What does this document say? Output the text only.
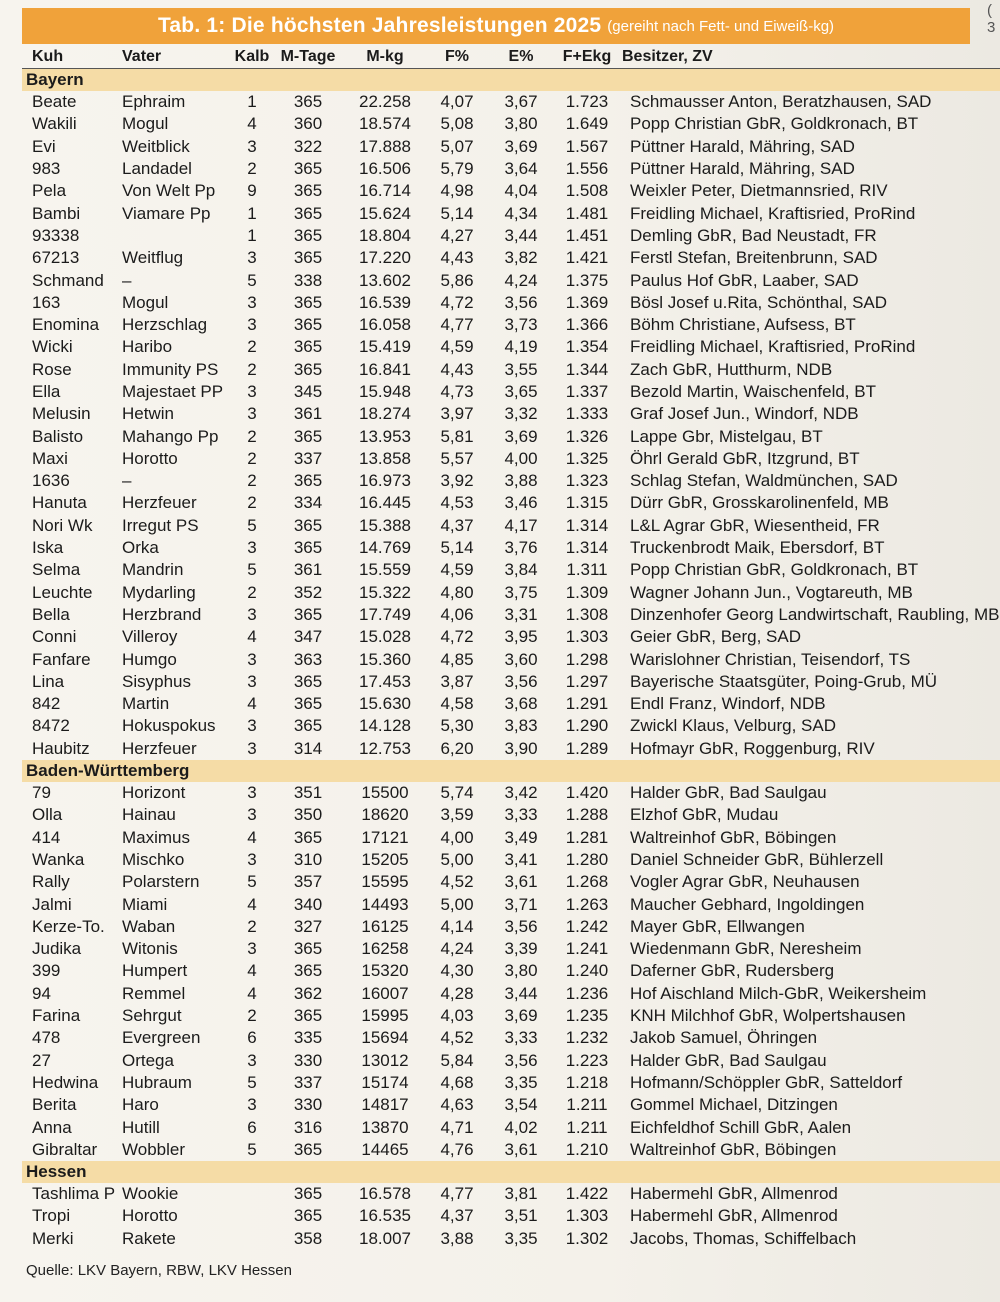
Tab. 1: Die höchsten Jahresleistungen 2025 (gereiht nach Fett- und Eiweiß-kg)
(
3
Kuh	Vater	Kalb	M-Tage	M-kg	F%	E%	F+Ekg	Besitzer, ZV
Bayern								
Beate	Ephraim	1	365	22.258	4,07	3,67	1.723	Schmausser Anton, Beratzhausen, SAD
Wakili	Mogul	4	360	18.574	5,08	3,80	1.649	Popp Christian GbR, Goldkronach, BT
Evi	Weitblick	3	322	17.888	5,07	3,69	1.567	Püttner Harald, Mähring, SAD
983	Landadel	2	365	16.506	5,79	3,64	1.556	Püttner Harald, Mähring, SAD
Pela	Von Welt Pp	9	365	16.714	4,98	4,04	1.508	Weixler Peter, Dietmannsried, RIV
Bambi	Viamare Pp	1	365	15.624	5,14	4,34	1.481	Freidling Michael, Kraftisried, ProRind
93338		1	365	18.804	4,27	3,44	1.451	Demling GbR, Bad Neustadt, FR
67213	Weitflug	3	365	17.220	4,43	3,82	1.421	Ferstl Stefan, Breitenbrunn, SAD
Schmand	–	5	338	13.602	5,86	4,24	1.375	Paulus Hof GbR, Laaber, SAD
163	Mogul	3	365	16.539	4,72	3,56	1.369	Bösl Josef u.Rita, Schönthal, SAD
Enomina	Herzschlag	3	365	16.058	4,77	3,73	1.366	Böhm Christiane, Aufsess, BT
Wicki	Haribo	2	365	15.419	4,59	4,19	1.354	Freidling Michael, Kraftisried, ProRind
Rose	Immunity PS	2	365	16.841	4,43	3,55	1.344	Zach GbR, Hutthurm, NDB
Ella	Majestaet PP	3	345	15.948	4,73	3,65	1.337	Bezold Martin, Waischenfeld, BT
Melusin	Hetwin	3	361	18.274	3,97	3,32	1.333	Graf Josef Jun., Windorf, NDB
Balisto	Mahango Pp	2	365	13.953	5,81	3,69	1.326	Lappe Gbr, Mistelgau, BT
Maxi	Horotto	2	337	13.858	5,57	4,00	1.325	Öhrl Gerald GbR, Itzgrund, BT
1636	–	2	365	16.973	3,92	3,88	1.323	Schlag Stefan, Waldmünchen, SAD
Hanuta	Herzfeuer	2	334	16.445	4,53	3,46	1.315	Dürr GbR, Grosskarolinenfeld, MB
Nori Wk	Irregut PS	5	365	15.388	4,37	4,17	1.314	L&L Agrar GbR, Wiesentheid, FR
Iska	Orka	3	365	14.769	5,14	3,76	1.314	Truckenbrodt Maik, Ebersdorf, BT
Selma	Mandrin	5	361	15.559	4,59	3,84	1.311	Popp Christian GbR, Goldkronach, BT
Leuchte	Mydarling	2	352	15.322	4,80	3,75	1.309	Wagner Johann Jun., Vogtareuth, MB
Bella	Herzbrand	3	365	17.749	4,06	3,31	1.308	Dinzenhofer Georg Landwirtschaft, Raubling, MB
Conni	Villeroy	4	347	15.028	4,72	3,95	1.303	Geier GbR, Berg, SAD
Fanfare	Humgo	3	363	15.360	4,85	3,60	1.298	Warislohner Christian, Teisendorf, TS
Lina	Sisyphus	3	365	17.453	3,87	3,56	1.297	Bayerische Staatsgüter, Poing-Grub, MÜ
842	Martin	4	365	15.630	4,58	3,68	1.291	Endl Franz, Windorf, NDB
8472	Hokuspokus	3	365	14.128	5,30	3,83	1.290	Zwickl Klaus, Velburg, SAD
Haubitz	Herzfeuer	3	314	12.753	6,20	3,90	1.289	Hofmayr GbR, Roggenburg, RIV
Baden-Württemberg								
79	Horizont	3	351	15500	5,74	3,42	1.420	Halder GbR, Bad Saulgau
Olla	Hainau	3	350	18620	3,59	3,33	1.288	Elzhof GbR, Mudau
414	Maximus	4	365	17121	4,00	3,49	1.281	Waltreinhof GbR, Böbingen
Wanka	Mischko	3	310	15205	5,00	3,41	1.280	Daniel Schneider GbR, Bühlerzell
Rally	Polarstern	5	357	15595	4,52	3,61	1.268	Vogler Agrar GbR, Neuhausen
Jalmi	Miami	4	340	14493	5,00	3,71	1.263	Maucher Gebhard, Ingoldingen
Kerze-To.	Waban	2	327	16125	4,14	3,56	1.242	Mayer GbR, Ellwangen
Judika	Witonis	3	365	16258	4,24	3,39	1.241	Wiedenmann GbR, Neresheim
399	Humpert	4	365	15320	4,30	3,80	1.240	Daferner GbR, Rudersberg
94	Remmel	4	362	16007	4,28	3,44	1.236	Hof Aischland Milch-GbR, Weikersheim
Farina	Sehrgut	2	365	15995	4,03	3,69	1.235	KNH Milchhof GbR, Wolpertshausen
478	Evergreen	6	335	15694	4,52	3,33	1.232	Jakob Samuel, Öhringen
27	Ortega	3	330	13012	5,84	3,56	1.223	Halder GbR, Bad Saulgau
Hedwina	Hubraum	5	337	15174	4,68	3,35	1.218	Hofmann/Schöppler GbR, Satteldorf
Berita	Haro	3	330	14817	4,63	3,54	1.211	Gommel Michael, Ditzingen
Anna	Hutill	6	316	13870	4,71	4,02	1.211	Eichfeldhof Schill GbR, Aalen
Gibraltar	Wobbler	5	365	14465	4,76	3,61	1.210	Waltreinhof GbR, Böbingen
Hessen								
Tashlima P	Wookie		365	16.578	4,77	3,81	1.422	Habermehl GbR, Allmenrod
Tropi	Horotto		365	16.535	4,37	3,51	1.303	Habermehl GbR, Allmenrod
Merki	Rakete		358	18.007	3,88	3,35	1.302	Jacobs, Thomas, Schiffelbach
Quelle: LKV Bayern, RBW, LKV Hessen
